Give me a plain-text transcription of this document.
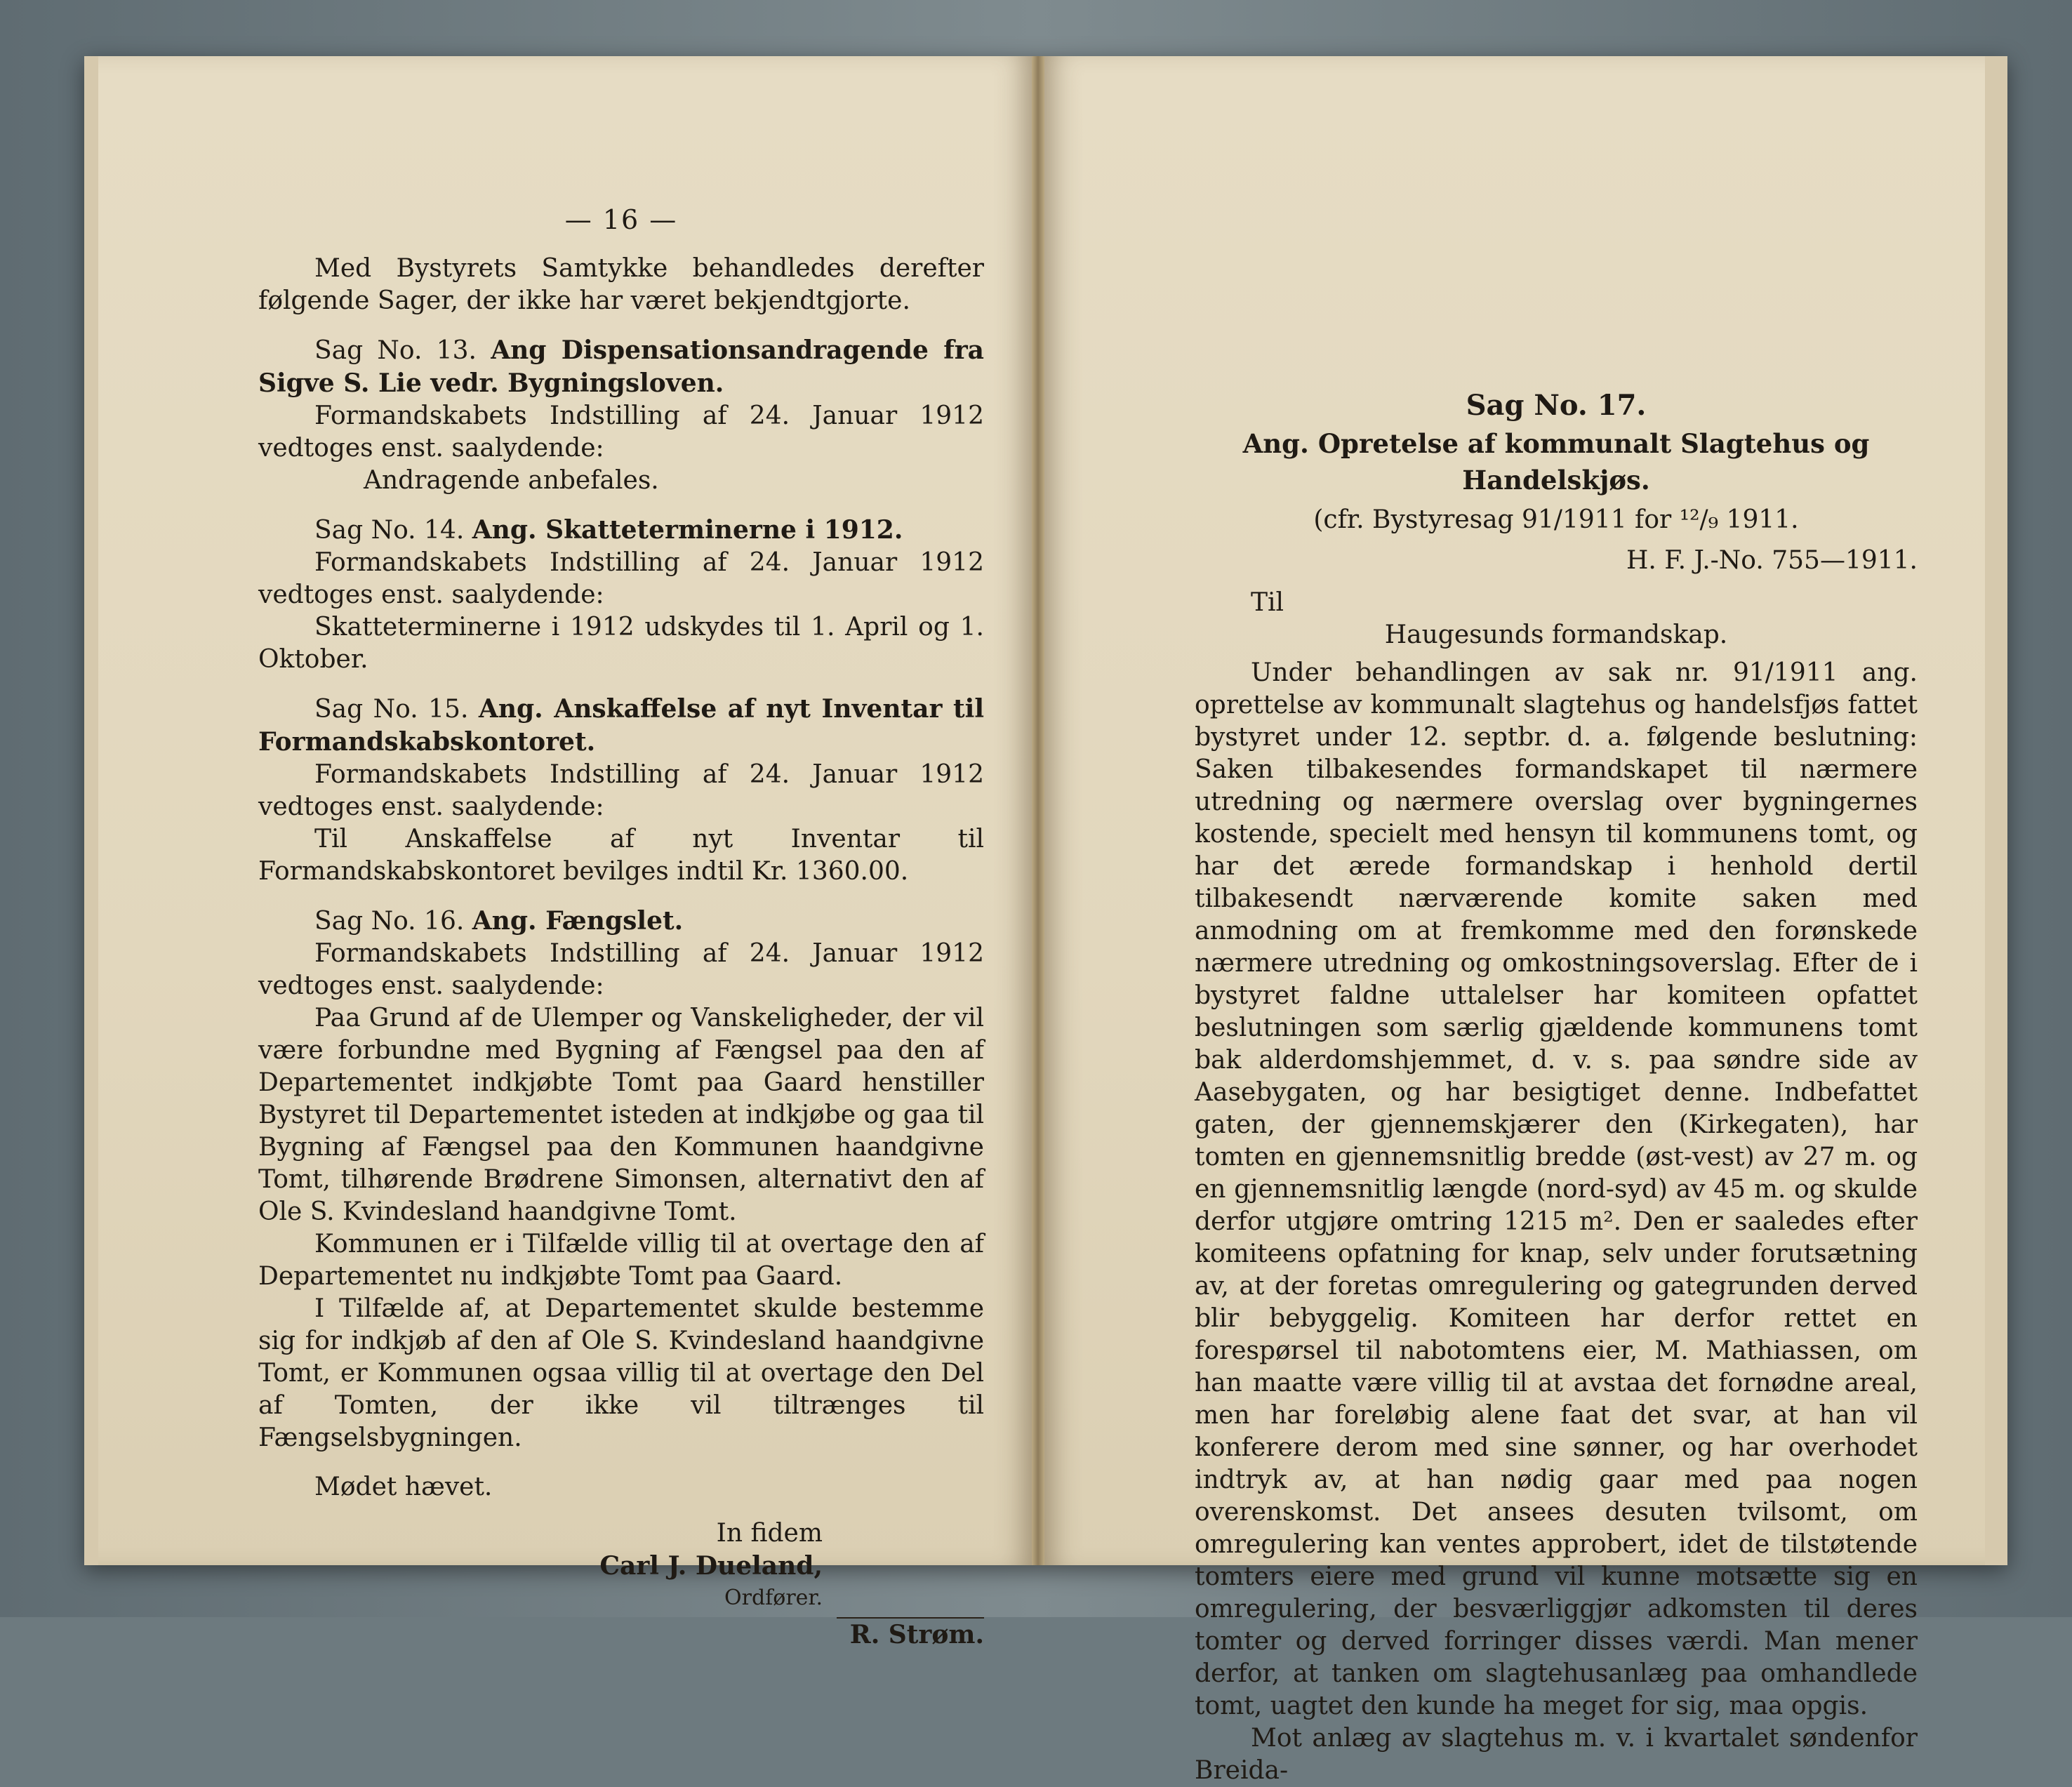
— 16 —

Med Bystyrets Samtykke behandledes derefter følgende Sager, der ikke har været bekjendtgjorte.

Sag No. 13. Ang Dispensationsandragende fra Sigve S. Lie vedr. Bygningsloven.

Formandskabets Indstilling af 24. Januar 1912 vedtoges enst. saalydende:

Andragende anbefales.

Sag No. 14. Ang. Skatteterminerne i 1912.

Formandskabets Indstilling af 24. Januar 1912 vedtoges enst. saalydende:

Skatteterminerne i 1912 udskydes til 1. April og 1. Oktober.

Sag No. 15. Ang. Anskaffelse af nyt Inventar til Formandskabskontoret.

Formandskabets Indstilling af 24. Januar 1912 vedtoges enst. saalydende:

Til Anskaffelse af nyt Inventar til Formandskabskontoret bevilges indtil Kr. 1360.00.

Sag No. 16. Ang. Fængslet.

Formandskabets Indstilling af 24. Januar 1912 vedtoges enst. saalydende:

Paa Grund af de Ulemper og Vanskeligheder, der vil være forbundne med Bygning af Fængsel paa den af Departementet indkjøbte Tomt paa Gaard henstiller Bystyret til Departementet isteden at indkjøbe og gaa til Bygning af Fængsel paa den Kommunen haandgivne Tomt, tilhørende Brødrene Simonsen, alternativt den af Ole S. Kvindesland haandgivne Tomt.

Kommunen er i Tilfælde villig til at overtage den af Departementet nu indkjøbte Tomt paa Gaard.

I Tilfælde af, at Departementet skulde bestemme sig for indkjøb af den af Ole S. Kvindesland haandgivne Tomt, er Kommunen ogsaa villig til at overtage den Del af Tomten, der ikke vil tiltrænges til Fængselsbygningen.

Mødet hævet.

In fidem
Carl J. Dueland,
Ordfører.
R. Strøm.
Sag No. 17.
Ang. Opretelse af kommunalt Slagtehus og Handelskjøs.

(cfr. Bystyresag 91/1911 for ¹²/₉ 1911.

H. F. J.-No. 755—1911.

Til

Haugesunds formandskap.

Under behandlingen av sak nr. 91/1911 ang. oprettelse av kommunalt slagtehus og handelsfjøs fattet bystyret under 12. septbr. d. a. følgende beslutning: Saken tilbakesendes formandskapet til nærmere utredning og nærmere overslag over bygningernes kostende, specielt med hensyn til kommunens tomt, og har det ærede formandskap i henhold dertil tilbakesendt nærværende komite saken med anmodning om at fremkomme med den forønskede nærmere utredning og omkostningsoverslag. Efter de i bystyret faldne uttalelser har komiteen opfattet beslutningen som særlig gjældende kommunens tomt bak alderdomshjemmet, d. v. s. paa søndre side av Aasebygaten, og har besigtiget denne. Indbefattet gaten, der gjennemskjærer den (Kirkegaten), har tomten en gjennemsnitlig bredde (øst-vest) av 27 m. og en gjennemsnitlig længde (nord-syd) av 45 m. og skulde derfor utgjøre omtring 1215 m². Den er saaledes efter komiteens opfatning for knap, selv under forutsætning av, at der foretas omregulering og gategrunden derved blir bebyggelig. Komiteen har derfor rettet en forespørsel til nabotomtens eier, M. Mathiassen, om han maatte være villig til at avstaa det fornødne areal, men har foreløbig alene faat det svar, at han vil konferere derom med sine sønner, og har overhodet indtryk av, at han nødig gaar med paa nogen overenskomst. Det ansees desuten tvilsomt, om omregulering kan ventes approbert, idet de tilstøtende tomters eiere med grund vil kunne motsætte sig en omregulering, der besværliggjør adkomsten til deres tomter og derved forringer disses værdi. Man mener derfor, at tanken om slagtehusanlæg paa omhandlede tomt, uagtet den kunde ha meget for sig, maa opgis.

Mot anlæg av slagtehus m. v. i kvartalet søndenfor Breida-
